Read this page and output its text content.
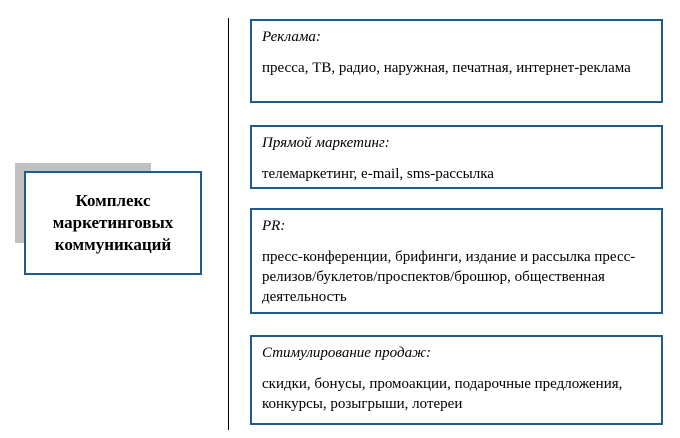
Комплекс
маркетинговых
коммуникаций
Реклама:
пресса, ТВ, радио, наружная, печатная, интернет-реклама
Прямой маркетинг:
телемаркетинг, e-mail, sms-рассылка
PR:
пресс-конференции, брифинги, издание и рассылка пресс-релизов/буклетов/проспектов/брошюр, общественная деятельность
Стимулирование продаж:
скидки, бонусы, промоакции, подарочные предложения, конкурсы, розыгрыши, лотереи
